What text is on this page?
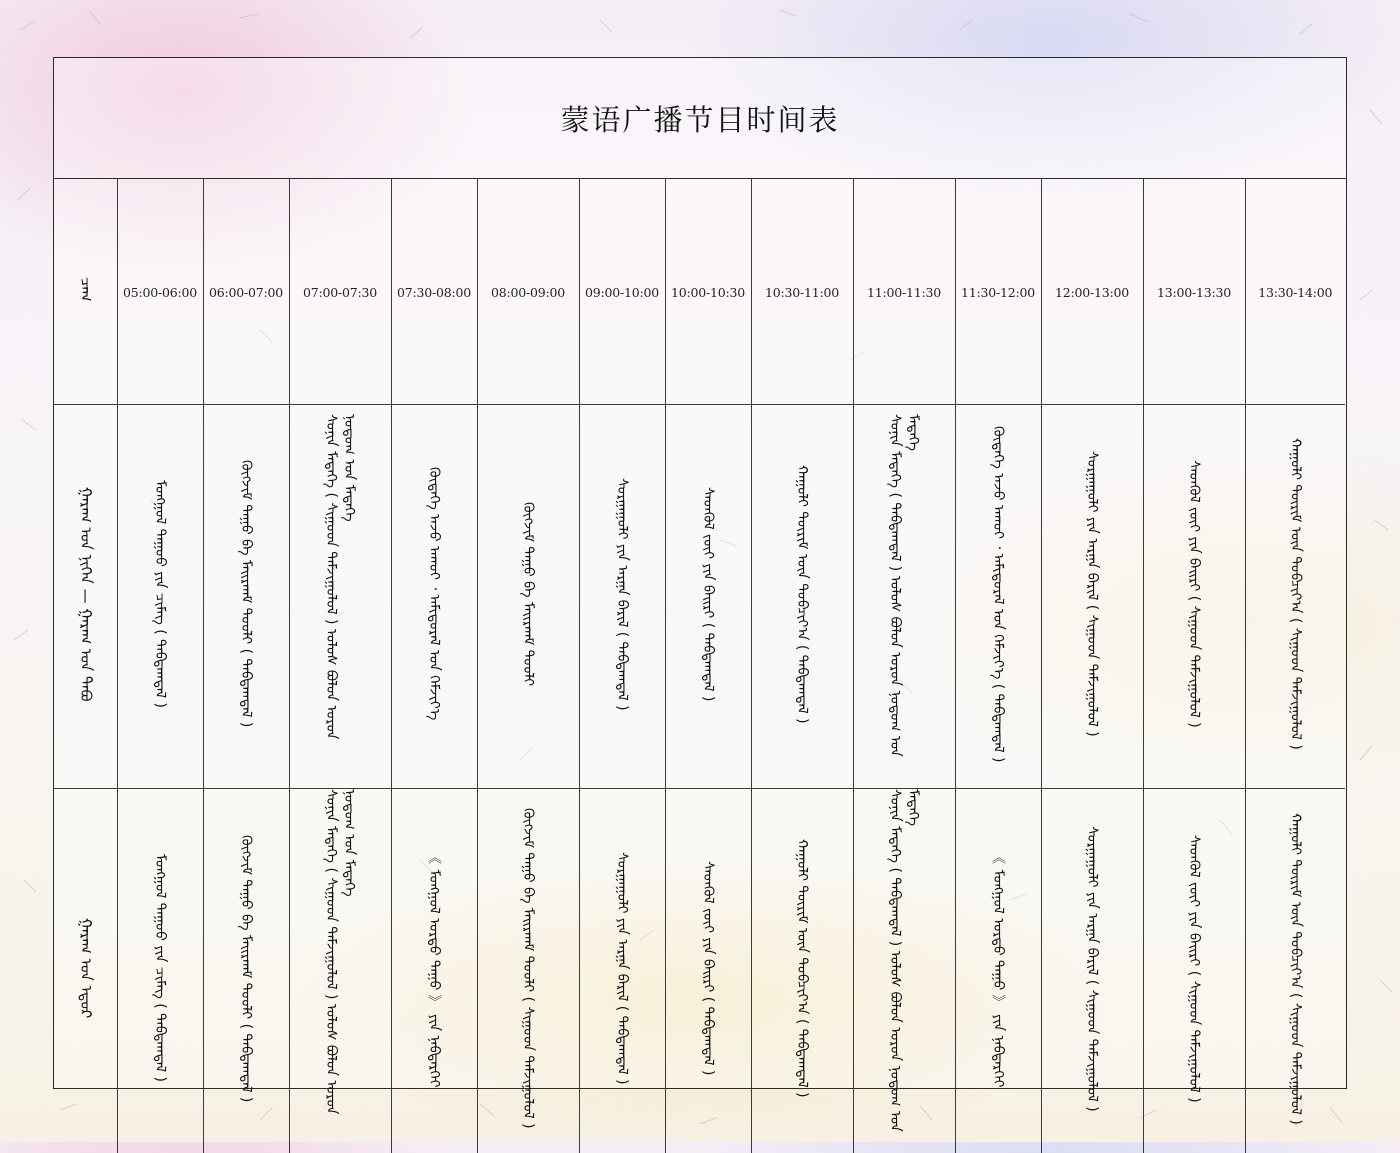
蒙语广播节目时间表
ᠴᠠᠭ	05:00-06:00	06:00-07:00	07:00-07:30	07:30-08:00	08:00-09:00	09:00-10:00	10:00-10:30	10:30-11:00	11:00-11:30	11:30-12:00	12:00-13:00	13:00-13:30	13:30-14:00
ᠭᠠᠷᠠᠭ ᠤᠨ ᠨᠢᠭᠡᠨ — ᠭᠠᠷᠠᠭ ᠤᠨ ᠲᠠᠪᠤ	ᠮᠣᠩᠭᠣᠯ ᠳᠠᠭᠤᠤ ᠶᠢᠨ ᠴᠢᠮᠡᠭ ( ᠳᠠᠪᠲᠠᠭᠳᠠᠯ )	ᠬᠥᠭᠵᠢᠮ ᠳᠠᠭᠤ ᠪᠠ ᠮᠠᠢᠷᠬᠠᠮ ᠳᠣᠤᠯᠢ ( ᠳᠠᠪᠲᠠᠭᠳᠠᠯ )	ᠰᠣᠨᠢᠨ ᠮᠡᠳᠡᠭᠡ ( ᠰᠢᠭᠤᠳ ᠳᠠᠮᠵᠢᠭᠤᠯᠤᠯ ) ᠤᠯᠤᠰ ᠪᠣᠯᠤᠨ ᠣᠷᠣᠨ ᠨᠤᠲᠤᠭ ᠤᠨ ᠮᠡᠳᠡᠭᠡ	ᠬᠥᠳᠡᠭᠡ ᠠᠵᠤ ᠠᠬᠤᠢ ᠂ ᠠᠮᠢᠳᠤᠷᠠᠯ ᠤᠨ ᠬᠡᠮᠵᠢᠶ᠎ᠡ	ᠬᠥᠭᠵᠢᠮ ᠳᠠᠭᠤ ᠪᠠ ᠮᠠᠢᠷᠬᠠᠮ ᠳᠣᠤᠯᠢ	ᠰᠤᠷᠭᠠᠭᠤᠯᠢ ᠶᠢᠨ ᠠᠷᠭᠠ ᠪᠠᠷᠢᠯ ( ᠳᠠᠪᠲᠠᠭᠳᠠᠯ )	ᠰᠡᠳᠬᠦᠯ ᠵᠦᠢ ᠶᠢᠨ ᠪᠠᠢᠷᠢ ( ᠳᠠᠪᠲᠠᠭᠳᠠᠯ )	ᠬᠠᠭᠤᠯᠢ ᠳᠦᠷᠢᠮ ᠦᠨ ᠲᠣᠪᠴᠢᠶ᠎ᠠ ( ᠳᠠᠪᠲᠠᠭᠳᠠᠯ )	ᠰᠣᠨᠢᠨ ᠮᠡᠳᠡᠭᠡ ( ᠳᠠᠪᠲᠠᠭᠳᠠᠯ ) ᠤᠯᠤᠰ ᠪᠣᠯᠤᠨ ᠣᠷᠣᠨ ᠨᠤᠲᠤᠭ ᠤᠨ ᠮᠡᠳᠡᠭᠡ	ᠬᠥᠳᠡᠭᠡ ᠠᠵᠤ ᠠᠬᠤᠢ ᠂ ᠠᠮᠢᠳᠤᠷᠠᠯ ᠤᠨ ᠬᠡᠮᠵᠢᠶ᠎ᠡ ( ᠳᠠᠪᠲᠠᠭᠳᠠᠯ )	ᠰᠤᠷᠭᠠᠭᠤᠯᠢ ᠶᠢᠨ ᠠᠷᠭᠠ ᠪᠠᠷᠢᠯ ( ᠰᠢᠭᠤᠳ ᠳᠠᠮᠵᠢᠭᠤᠯᠤᠯ )	ᠰᠡᠳᠬᠦᠯ ᠵᠦᠢ ᠶᠢᠨ ᠪᠠᠢᠷᠢ ( ᠰᠢᠭᠤᠳ ᠳᠠᠮᠵᠢᠭᠤᠯᠤᠯ )	ᠬᠠᠭᠤᠯᠢ ᠳᠦᠷᠢᠮ ᠦᠨ ᠲᠣᠪᠴᠢᠶ᠎ᠠ ( ᠰᠢᠭᠤᠳ ᠳᠠᠮᠵᠢᠭᠤᠯᠤᠯ )
ᠭᠠᠷᠠᠭ ᠤᠨ ᠡᠳᠦᠷ	ᠮᠣᠩᠭᠣᠯ ᠳᠠᠭᠤᠤ ᠶᠢᠨ ᠴᠢᠮᠡᠭ ( ᠳᠠᠪᠲᠠᠭᠳᠠᠯ )	ᠬᠥᠭᠵᠢᠮ ᠳᠠᠭᠤ ᠪᠠ ᠮᠠᠢᠷᠬᠠᠮ ᠳᠣᠤᠯᠢ ( ᠳᠠᠪᠲᠠᠭᠳᠠᠯ )	ᠰᠣᠨᠢᠨ ᠮᠡᠳᠡᠭᠡ ( ᠰᠢᠭᠤᠳ ᠳᠠᠮᠵᠢᠭᠤᠯᠤᠯ ) ᠤᠯᠤᠰ ᠪᠣᠯᠤᠨ ᠣᠷᠣᠨ ᠨᠤᠲᠤᠭ ᠤᠨ ᠮᠡᠳᠡᠭᠡ	《 ᠮᠣᠩᠭᠣᠯ ᠤᠷᠲᠤ ᠳᠠᠭᠤ 》 ᠶᠢᠨ ᠨᠡᠪᠲᠡᠷᠬᠡᠢ	ᠬᠥᠭᠵᠢᠮ ᠳᠠᠭᠤ ᠪᠠ ᠮᠠᠢᠷᠬᠠᠮ ᠳᠣᠤᠯᠢ ( ᠰᠢᠭᠤᠳ ᠳᠠᠮᠵᠢᠭᠤᠯᠤᠯ )	ᠰᠤᠷᠭᠠᠭᠤᠯᠢ ᠶᠢᠨ ᠠᠷᠭᠠ ᠪᠠᠷᠢᠯ ( ᠳᠠᠪᠲᠠᠭᠳᠠᠯ )	ᠰᠡᠳᠬᠦᠯ ᠵᠦᠢ ᠶᠢᠨ ᠪᠠᠢᠷᠢ ( ᠳᠠᠪᠲᠠᠭᠳᠠᠯ )	ᠬᠠᠭᠤᠯᠢ ᠳᠦᠷᠢᠮ ᠦᠨ ᠲᠣᠪᠴᠢᠶ᠎ᠠ ( ᠳᠠᠪᠲᠠᠭᠳᠠᠯ )	ᠰᠣᠨᠢᠨ ᠮᠡᠳᠡᠭᠡ ( ᠳᠠᠪᠲᠠᠭᠳᠠᠯ ) ᠤᠯᠤᠰ ᠪᠣᠯᠤᠨ ᠣᠷᠣᠨ ᠨᠤᠲᠤᠭ ᠤᠨ ᠮᠡᠳᠡᠭᠡ	《 ᠮᠣᠩᠭᠣᠯ ᠤᠷᠲᠤ ᠳᠠᠭᠤ 》 ᠶᠢᠨ ᠨᠡᠪᠲᠡᠷᠬᠡᠢ	ᠰᠤᠷᠭᠠᠭᠤᠯᠢ ᠶᠢᠨ ᠠᠷᠭᠠ ᠪᠠᠷᠢᠯ ( ᠰᠢᠭᠤᠳ ᠳᠠᠮᠵᠢᠭᠤᠯᠤᠯ )	ᠰᠡᠳᠬᠦᠯ ᠵᠦᠢ ᠶᠢᠨ ᠪᠠᠢᠷᠢ ( ᠰᠢᠭᠤᠳ ᠳᠠᠮᠵᠢᠭᠤᠯᠤᠯ )	ᠬᠠᠭᠤᠯᠢ ᠳᠦᠷᠢᠮ ᠦᠨ ᠲᠣᠪᠴᠢᠶ᠎ᠠ ( ᠰᠢᠭᠤᠳ ᠳᠠᠮᠵᠢᠭᠤᠯᠤᠯ )
